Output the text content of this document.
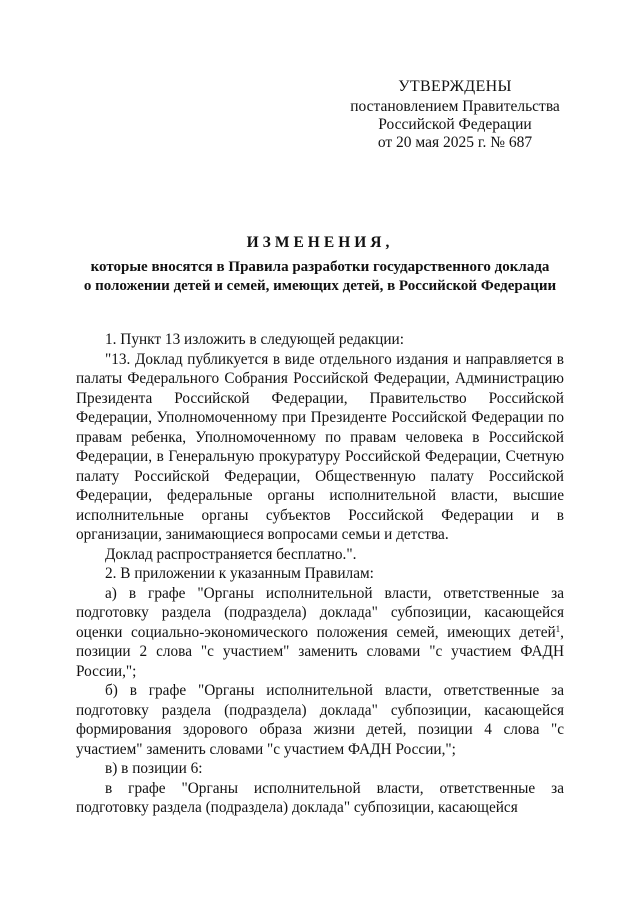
УТВЕРЖДЕНЫ
постановлением Правительства
Российской Федерации
от 20 мая 2025 г. № 687
ИЗМЕНЕНИЯ,
которые вносятся в Правила разработки государственного доклада
о положении детей и семей, имеющих детей, в Российской Федерации

1. Пункт 13 изложить в следующей редакции:

"13. Доклад публикуется в виде отдельного издания и направляется в палаты Федерального Собрания Российской Федерации, Администрацию Президента Российской Федерации, Правительство Российской Федерации, Уполномоченному при Президенте Российской Федерации по правам ребенка, Уполномоченному по правам человека в Российской Федерации, в Генеральную прокуратуру Российской Федерации, Счетную палату Российской Федерации, Общественную палату Российской Федерации, федеральные органы исполнительной власти, высшие исполнительные органы субъектов Российской Федерации и в организации, занимающиеся вопросами семьи и детства.

Доклад распространяется бесплатно.".

2. В приложении к указанным Правилам:

а) в графе "Органы исполнительной власти, ответственные за подготовку раздела (подраздела) доклада" субпозиции, касающейся оценки социально-экономического положения семей, имеющих детей$^1$, позиции 2 слова "с участием" заменить словами "с участием ФАДН России,";

б) в графе "Органы исполнительной власти, ответственные за подготовку раздела (подраздела) доклада" субпозиции, касающейся формирования здорового образа жизни детей, позиции 4 слова "с участием" заменить словами "с участием ФАДН России,";

в) в позиции 6:

в графе "Органы исполнительной власти, ответственные за подготовку раздела (подраздела) доклада" субпозиции, касающейся
